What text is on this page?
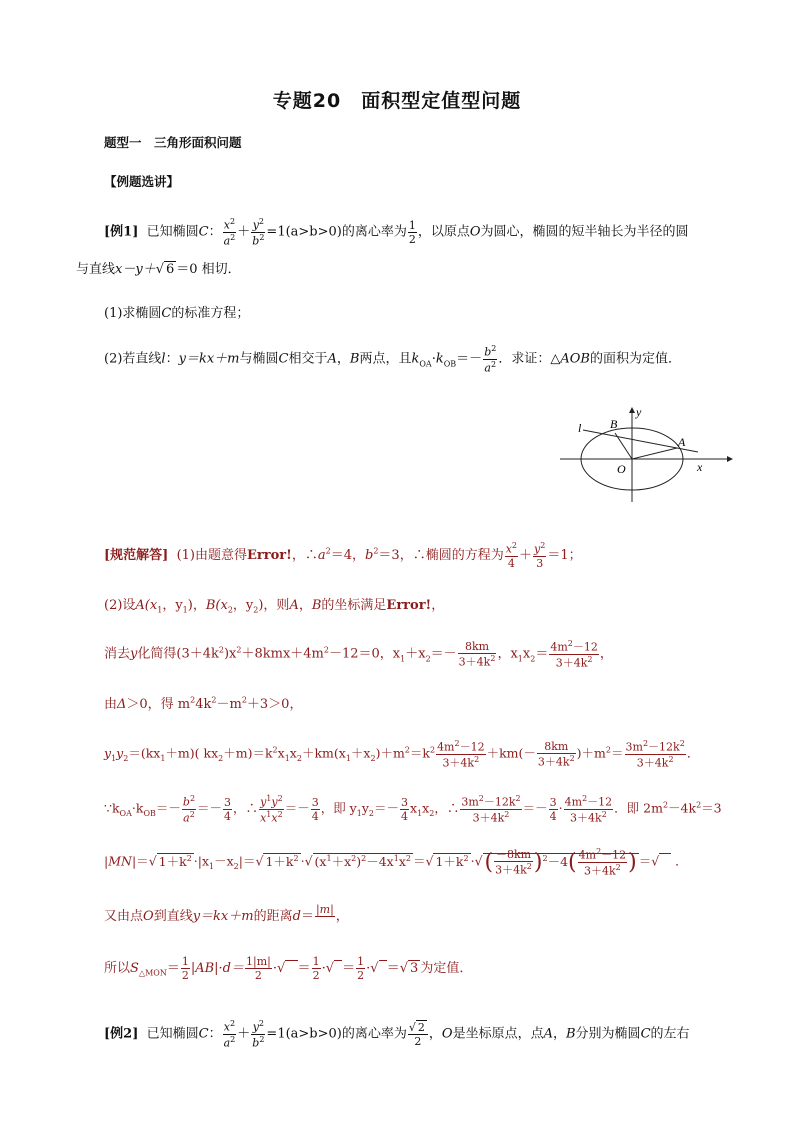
专题20　面积型定值型问题
题型一　三角形面积问题
【例题选讲】
[例1] 已知椭圆C： $\frac{x^2}{a^2} + \frac{y^2}{b^2} =1(a>b>0)$的离心率为 $\frac{1}{2}$ ，以原点O为圆心，椭圆的短半轴长为半径的圆
与直线x－y＋√ 6 ＝0 相切．
(1)求椭圆C的标准方程；
(2)若直线l：y＝kx＋m与椭圆C相交于A，B两点，且$k_{OA}\cdot k_{OB}=- \frac{b^2}{a^2}$ ．求证：△AOB的面积为定值．
l B
A
O	x
y
[规范解答] (1)由题意得Error!，$\therefore a^2=4$，$b^2=3$，∴椭圆的方程为 $\frac{x^2}{4} + \frac{y^2}{3} =1$；
(2)设$A(x_1$，$y_1$)，$B(x_2$，$y_2$)，则A，B的坐标满足Error!，
消去y化简得$(3+4k^2)x^2+8kmx+4m^2-12=0$，$x_1+x_2=- \frac{8km}{3+4k^2}$ ，$x_1x_2= \frac{4m^2-12}{3+4k^2}$ ，
由Δ＞0，得 $m^24k^2-m^2+3>0$，
$y_1y_2=(kx_1+m)$( $kx_2+m)=k^2x_1x_2+km(x_1+x_2)+m^2=k^2 \frac{4m^2-12}{3+4k^2} +km(- \frac{8km}{3+4k^2} )+m^2= \frac{3m^2-12k^2}{3+4k^2}$ ．
$\because k_{OA}\cdot k_{OB}=- \frac{b^2}{a^2} =- \frac{3}{4}$ ，∴ $\frac{y^1y^2}{x^1x^2} =- \frac{3}{4}$ ，即 $y_1y_2=- \frac{3}{4} x_1x_2$，∴ $\frac{3m^2-12k^2}{3+4k^2} =- \frac{3}{4} \cdot \frac{4m^2-12}{3+4k^2}$ ．即 $2m^2-4k^2=3$
|MN|＝√ $1+k^2 \cdot|x_1-x_2|=√$ $1+k^2$ ·√ $(x^1+x^2)^2-4x^1x^2$ ＝√ $1+k^2$ ·√( $\frac{-8km}{3+4k^2} )^2-4( \frac{4m^2-12}{3+4k^2}$ ) ＝√ ．
又由点O到直线y＝kx＋m的距离d＝ |m|
，
所以$S_{\triangle MON}= \frac{1}{2} |AB|\cdot d= \frac{1|m|}{2}$ ·√ ＝ $\frac{1}{2}$ ·√ ＝ $\frac{1}{2}$ ·√ ＝√ 3 为定值．
[例2] 已知椭圆C： $\frac{x^2}{a^2} + \frac{y^2}{b^2} =1(a>b>0)$的离心率为 $\frac{√ 2}{2}$ ，O是坐标原点，点A，B分别为椭圆C的左右
